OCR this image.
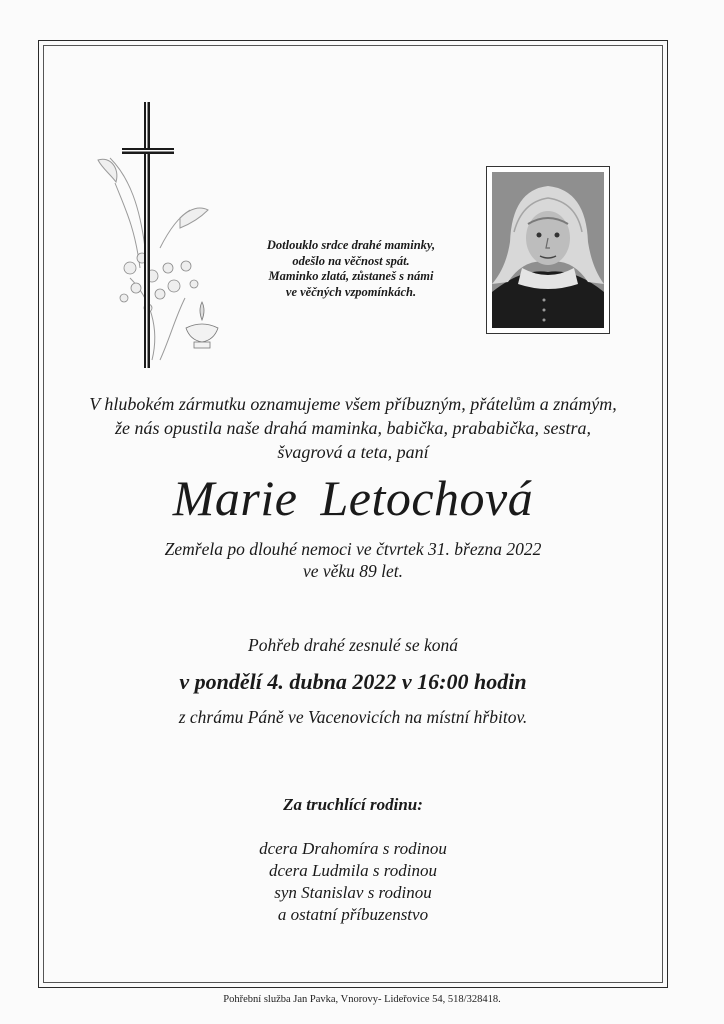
Dotlouklo srdce drahé maminky,
odešlo na věčnost spát.
Maminko zlatá, zůstaneš s námi
ve věčných vzpomínkách.
V hlubokém zármutku oznamujeme všem příbuzným, přátelům a známým,
že nás opustila naše drahá maminka, babička, prababička, sestra,
švagrová a teta, paní
Marie Letochová
Zemřela po dlouhé nemoci ve čtvrtek 31. března 2022
ve věku 89 let.
Pohřeb drahé zesnulé se koná
v pondělí 4. dubna 2022 v 16:00 hodin
z chrámu Páně ve Vacenovicích na místní hřbitov.
Za truchlící rodinu:
dcera Drahomíra s rodinou
dcera Ludmila s rodinou
syn Stanislav s rodinou
a ostatní příbuzenstvo
Pohřební služba Jan Pavka, Vnorovy- Lideřovice 54, 518/328418.
